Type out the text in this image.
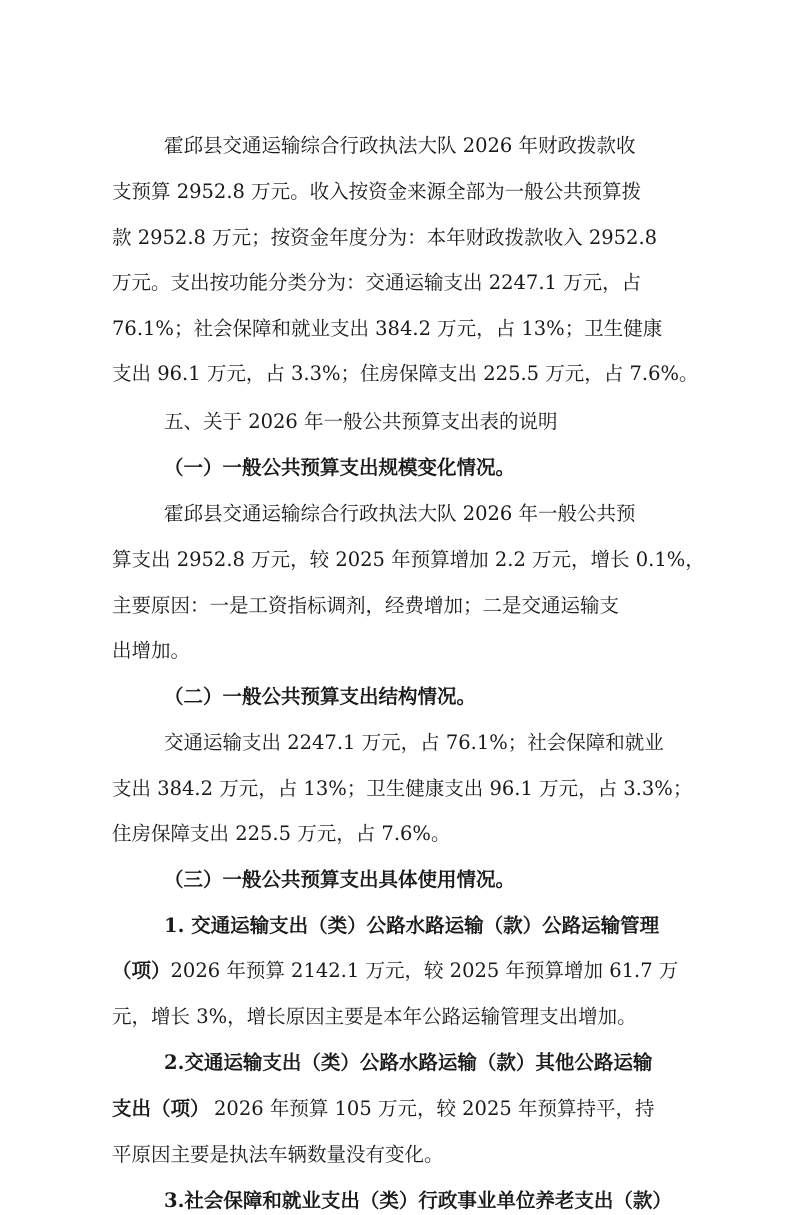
霍邱县交通运输综合行政执法大队 2026 年财政拨款收
支预算 2952.8 万元。收入按资金来源全部为一般公共预算拨
款 2952.8 万元；按资金年度分为：本年财政拨款收入 2952.8
万元。支出按功能分类分为：交通运输支出 2247.1 万元，占
76.1%；社会保障和就业支出 384.2 万元，占 13%；卫生健康
支出 96.1 万元，占 3.3%；住房保障支出 225.5 万元，占 7.6%。
五、关于 2026 年一般公共预算支出表的说明
（一）一般公共预算支出规模变化情况。
霍邱县交通运输综合行政执法大队 2026 年一般公共预
算支出 2952.8 万元，较 2025 年预算增加 2.2 万元，增长 0.1%，
主要原因：一是工资指标调剂，经费增加；二是交通运输支
出增加。
（二）一般公共预算支出结构情况。
交通运输支出 2247.1 万元，占 76.1%；社会保障和就业
支出 384.2 万元，占 13%；卫生健康支出 96.1 万元，占 3.3%；
住房保障支出 225.5 万元，占 7.6%。
（三）一般公共预算支出具体使用情况。
1. 交通运输支出（类）公路水路运输（款）公路运输管理
（项）2026 年预算 2142.1 万元，较 2025 年预算增加 61.7 万
元，增长 3%，增长原因主要是本年公路运输管理支出增加。
2.交通运输支出（类）公路水路运输（款）其他公路运输
支出（项） 2026 年预算 105 万元，较 2025 年预算持平，持
平原因主要是执法车辆数量没有变化。
3.社会保障和就业支出（类）行政事业单位养老支出（款）
